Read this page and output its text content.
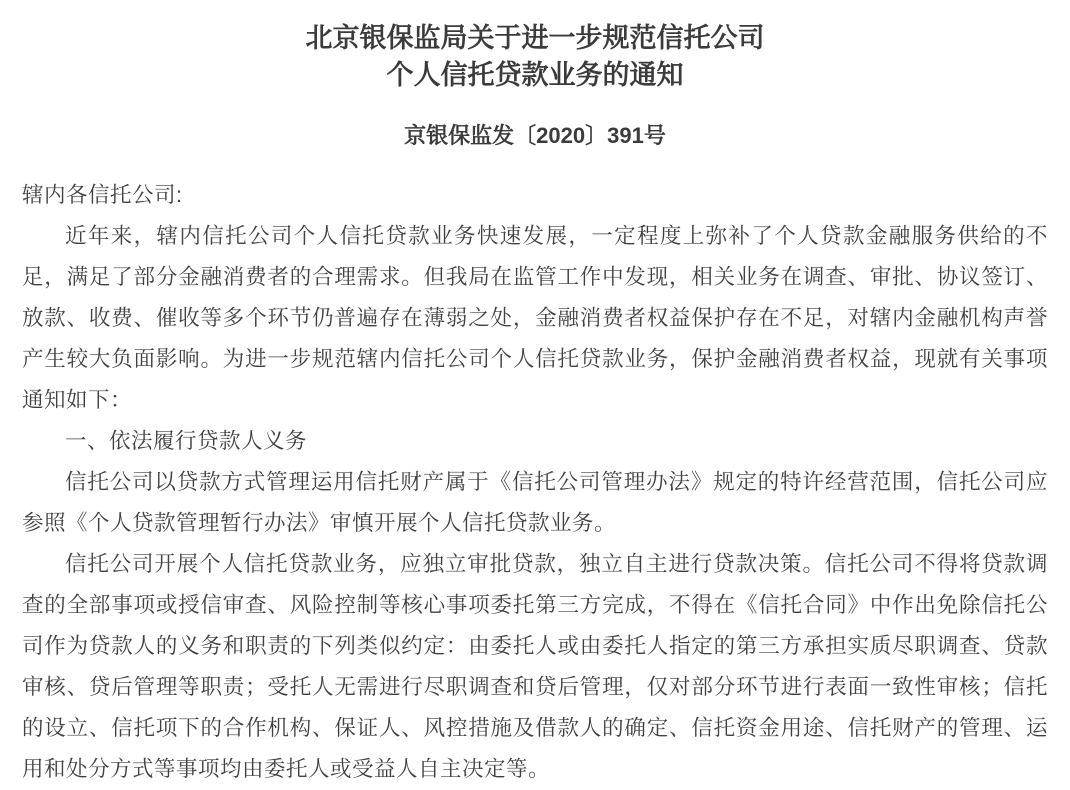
北京银保监局关于进一步规范信托公司
个人信托贷款业务的通知
京银保监发〔2020〕391号

辖内各信托公司:

近年来，辖内信托公司个人信托贷款业务快速发展，一定程度上弥补了个人贷款金融服务供给的不足，满足了部分金融消费者的合理需求。但我局在监管工作中发现，相关业务在调查、审批、协议签订、放款、收费、催收等多个环节仍普遍存在薄弱之处，金融消费者权益保护存在不足，对辖内金融机构声誉产生较大负面影响。为进一步规范辖内信托公司个人信托贷款业务，保护金融消费者权益，现就有关事项通知如下：

一、依法履行贷款人义务

信托公司以贷款方式管理运用信托财产属于《信托公司管理办法》规定的特许经营范围，信托公司应参照《个人贷款管理暂行办法》审慎开展个人信托贷款业务。

信托公司开展个人信托贷款业务，应独立审批贷款，独立自主进行贷款决策。信托公司不得将贷款调查的全部事项或授信审查、风险控制等核心事项委托第三方完成，不得在《信托合同》中作出免除信托公司作为贷款人的义务和职责的下列类似约定：由委托人或由委托人指定的第三方承担实质尽职调查、贷款审核、贷后管理等职责；受托人无需进行尽职调查和贷后管理，仅对部分环节进行表面一致性审核；信托的设立、信托项下的合作机构、保证人、风控措施及借款人的确定、信托资金用途、信托财产的管理、运用和处分方式等事项均由委托人或受益人自主决定等。
